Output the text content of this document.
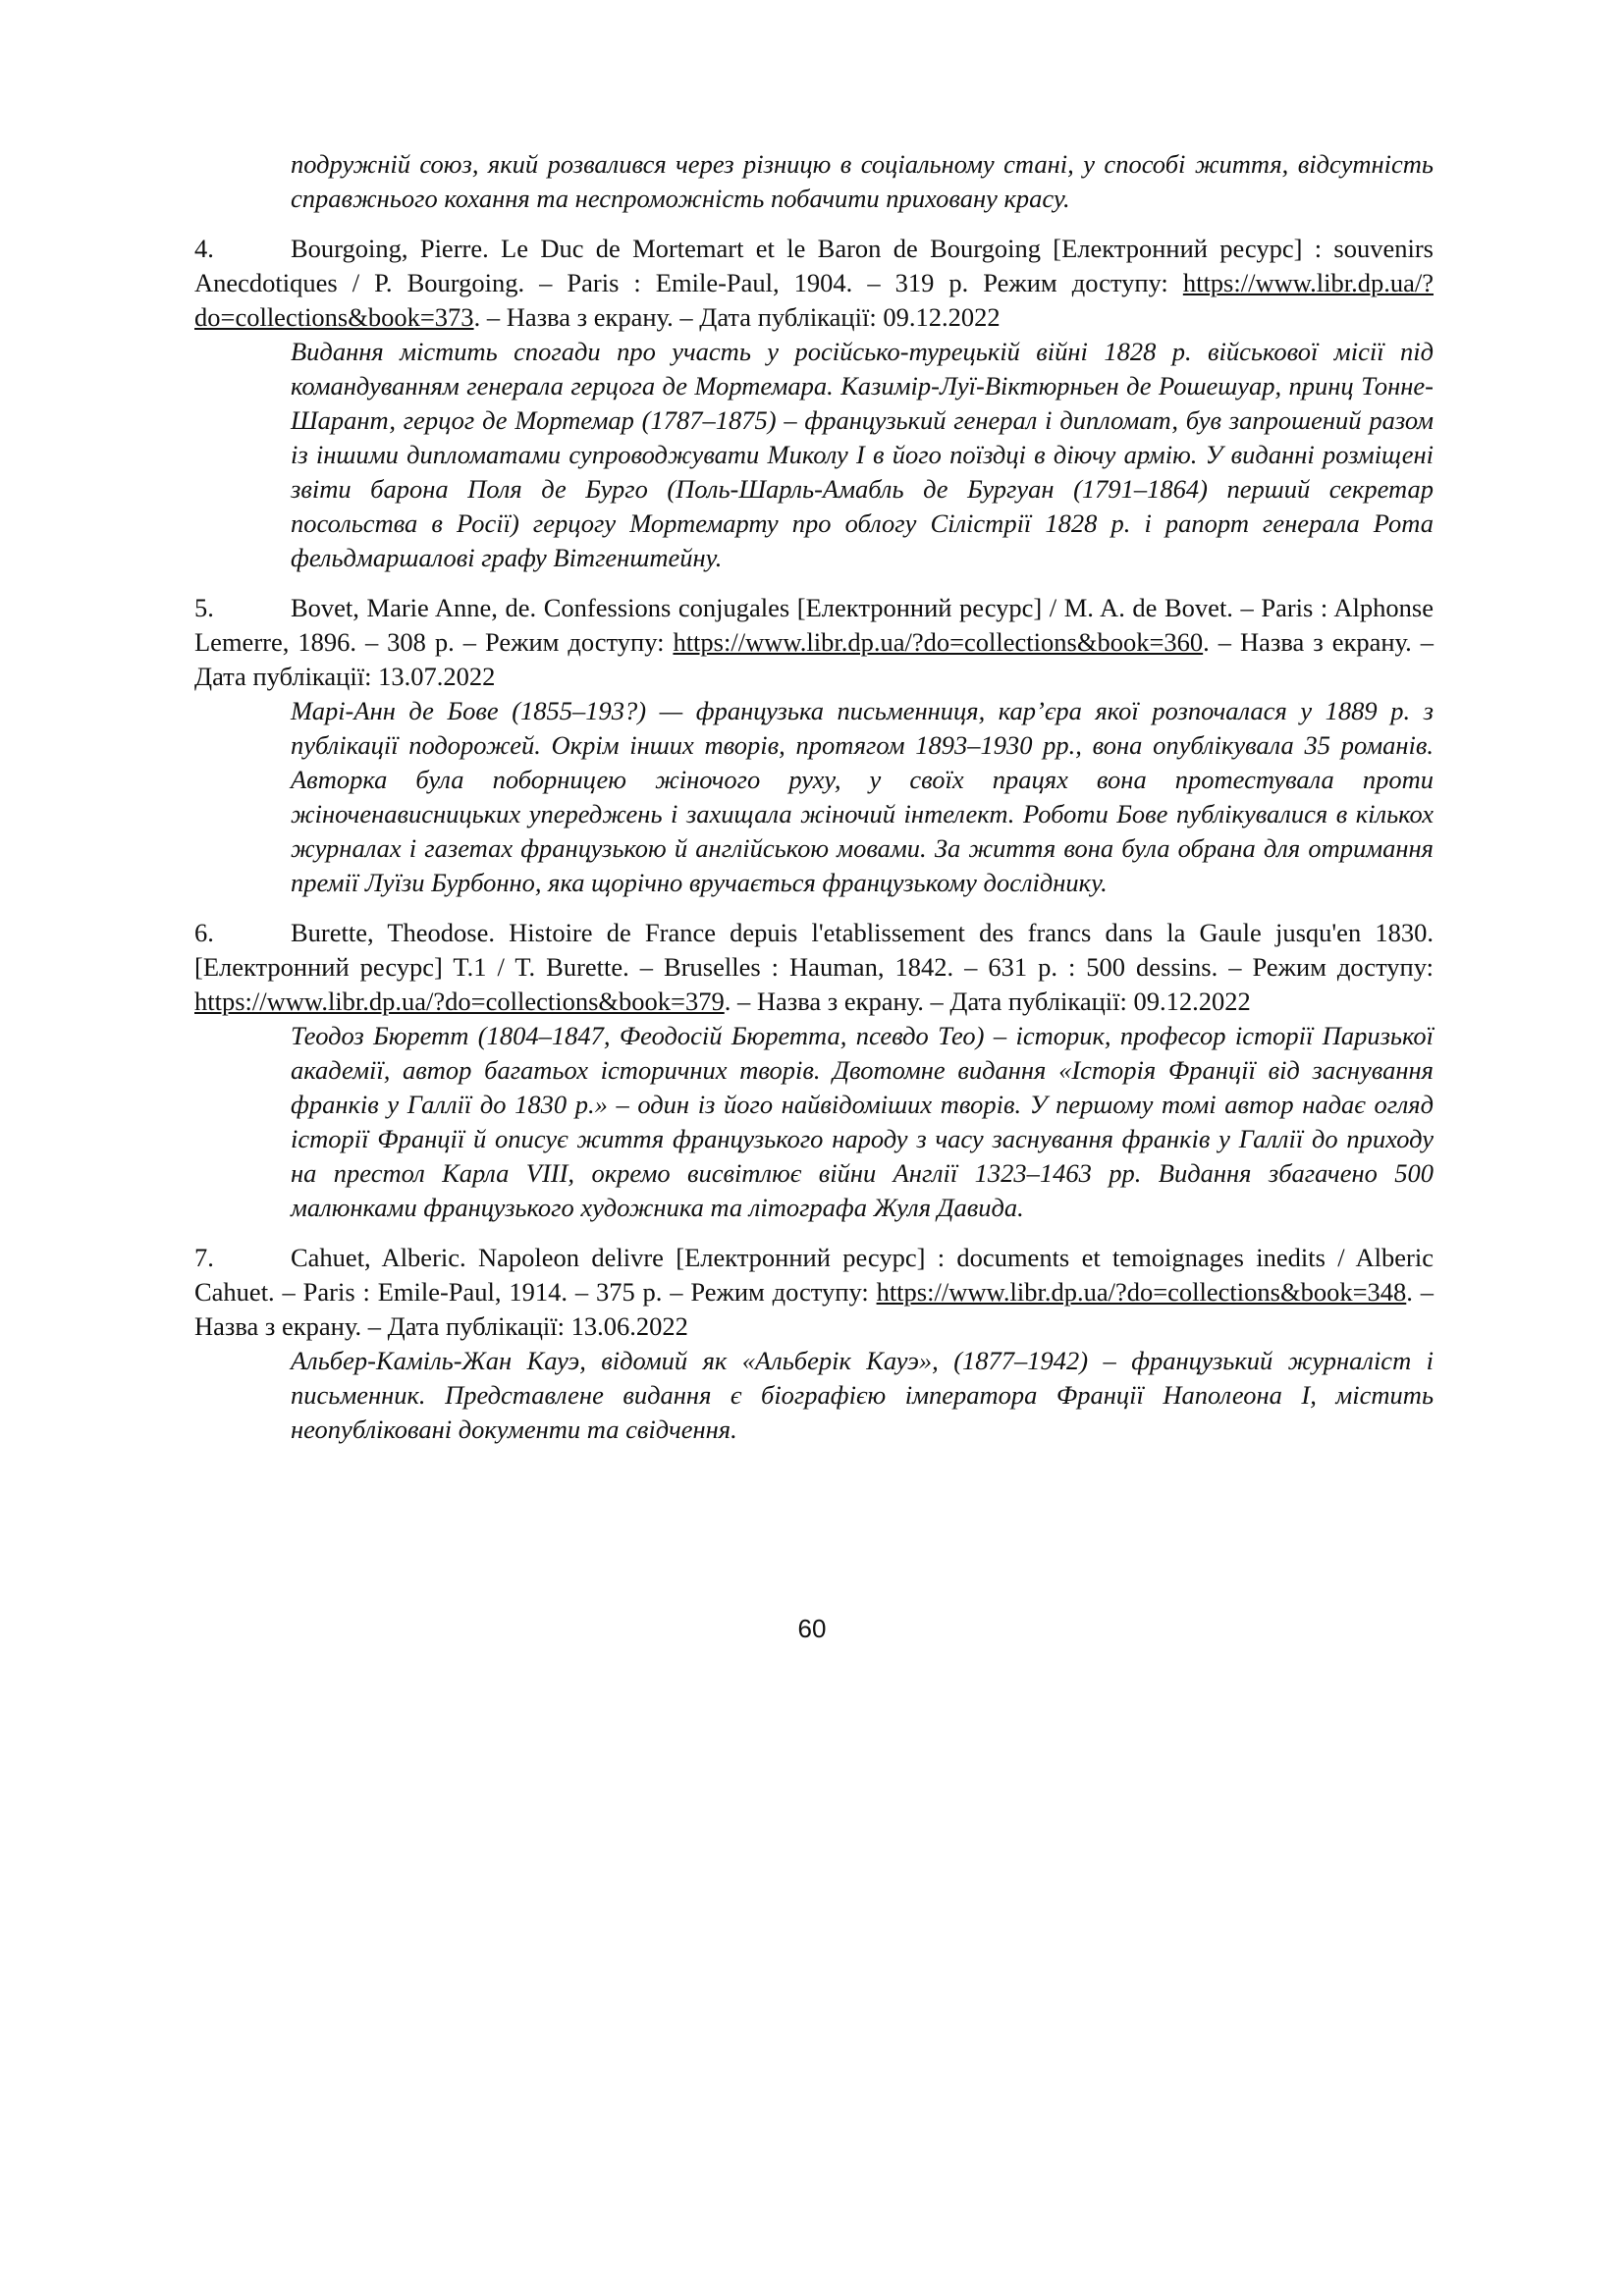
подружній союз, який розвалився через різницю в соціальному стані, у способі життя, відсутність справжнього кохання та неспроможність побачити приховану красу.

4.	Bourgoing, Pierre. Le Duc de Mortemart et le Baron de Bourgoing [Електронний ресурс] : souvenirs Anecdotiques / P. Bourgoing. – Paris : Emile-Paul, 1904. – 319 p. Режим доступу: https://www.libr.dp.ua/?do=collections&book=373. – Назва з екрану. – Дата публікації: 09.12.2022

Видання містить спогади про участь у російсько-турецькій війні 1828 р. військової місії під командуванням генерала герцога де Мортемара. Казимір-Луї-Віктюрньен де Рошешуар, принц Тонне-Шарант, герцог де Мортемар (1787–1875) – французький генерал і дипломат, був запрошений разом із іншими дипломатами супроводжувати Миколу I в його поїздці в діючу армію. У виданні розміщені звіти барона Поля де Бурго (Поль-Шарль-Амабль де Бургуан (1791–1864) перший секретар посольства в Росії) герцогу Мортемарту про облогу Сілістрії 1828 р. і рапорт генерала Рота фельдмаршалові графу Вітгенштейну.

5.	Bovet, Marie Anne, de. Confessions conjugales [Електронний ресурс] / M. A. de Bovet. – Paris : Alphonse Lemerre, 1896. – 308 p. – Режим доступу: https://www.libr.dp.ua/?do=collections&book=360. – Назва з екрану. – Дата публікації: 13.07.2022

Марі-Анн де Бове (1855–193?) — французька письменниця, кар’єра якої розпочалася у 1889 р. з публікації подорожей. Окрім інших творів, протягом 1893–1930 рр., вона опублікувала 35 романів. Авторка була поборницею жіночого руху, у своїх працях вона протестувала проти жіноченависницьких упереджень і захищала жіночий інтелект. Роботи Бове публікувалися в кількох журналах і газетах французькою й англійською мовами. За життя вона була обрана для отримання премії Луїзи Бурбонно, яка щорічно вручається французькому досліднику.

6.	Burette, Theodose. Histoire de France depuis l'etablissement des francs dans la Gaule jusqu'en 1830. [Електронний ресурс] T.1 / T. Burette. – Bruselles : Hauman, 1842. – 631 p. : 500 dessins. – Режим доступу: https://www.libr.dp.ua/?do=collections&book=379. – Назва з екрану. – Дата публікації: 09.12.2022

Теодоз Бюретт (1804–1847, Феодосій Бюретта, псевдо Тео) – історик, професор історії Паризької академії, автор багатьох історичних творів. Двотомне видання «Історія Франції від заснування франків у Галлії до 1830 р.» – один із його найвідоміших творів. У першому томі автор надає огляд історії Франції й описує життя французького народу з часу заснування франків у Галлії до приходу на престол Карла VIII, окремо висвітлює війни Англії 1323–1463 рр. Видання збагачено 500 малюнками французького художника та літографа Жуля Давида.

7.	Cahuet, Alberic. Napoleon delivre [Електронний ресурс] : documents et temoignages inedits / Alberic Cahuet. – Paris : Emile-Paul, 1914. – 375 p. – Режим доступу: https://www.libr.dp.ua/?do=collections&book=348. – Назва з екрану. – Дата публікації: 13.06.2022

Альбер-Каміль-Жан Кауэ, відомий як «Альберік Кауэ», (1877–1942) – французький журналіст і письменник. Представлене видання є біографією імператора Франції Наполеона I, містить неопубліковані документи та свідчення.

60
